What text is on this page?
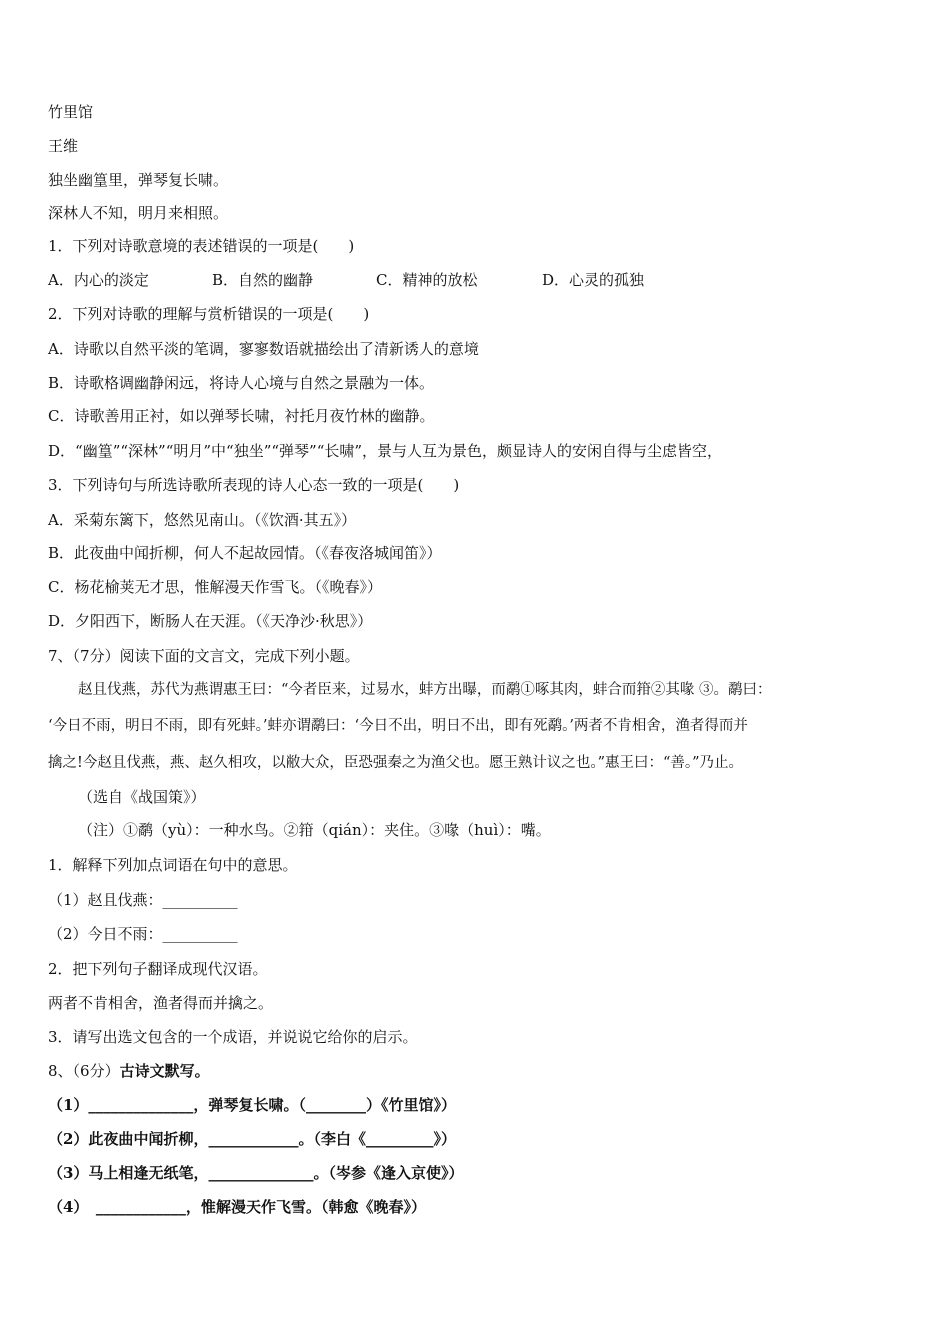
竹里馆
王维
独坐幽篁里，弹琴复长啸。
深林人不知，明月来相照。
1．下列对诗歌意境的表述错误的一项是(　　)
A．内心的淡定	B．自然的幽静	C．精神的放松	D．心灵的孤独
2．下列对诗歌的理解与赏析错误的一项是(　　)
A．诗歌以自然平淡的笔调，寥寥数语就描绘出了清新诱人的意境
B．诗歌格调幽静闲远，将诗人心境与自然之景融为一体。
C．诗歌善用正衬，如以弹琴长啸，衬托月夜竹林的幽静。
D．“幽篁”“深林”“明月”中“独坐”“弹琴”“长啸”，景与人互为景色，颇显诗人的安闲自得与尘虑皆空，
3．下列诗句与所选诗歌所表现的诗人心态一致的一项是(　　)
A．采菊东篱下，悠然见南山。（《饮酒·其五》）
B．此夜曲中闻折柳，何人不起故园情。（《春夜洛城闻笛》）
C．杨花榆荚无才思，惟解漫天作雪飞。（《晚春》）
D．夕阳西下，断肠人在天涯。（《天净沙·秋思》）
7、（7分）阅读下面的文言文，完成下列小题。
赵且伐燕，苏代为燕谓惠王曰：“今者臣来，过易水，蚌方出曝，而鹬①啄其肉，蚌合而箝②其喙 ③。鹬曰：
‘今日不雨，明日不雨，即有死蚌。’蚌亦谓鹬曰：‘今日不出，明日不出，即有死鹬。’两者不肯相舍，渔者得而并
擒之!今赵且伐燕，燕、赵久相攻，以敝大众，臣恐强秦之为渔父也。愿王熟计议之也。”惠王曰：“善。”乃止。
（选自《战国策》）
（注）①鹬（yù）：一种水鸟。②箝（qián）：夹住。③喙（huì）：嘴。
1．解释下列加点词语在句中的意思。
（1）赵且伐燕：__________
（2）今日不雨：__________
2．把下列句子翻译成现代汉语。
两者不肯相舍，渔者得而并擒之。
3．请写出选文包含的一个成语，并说说它给你的启示。
8、（6分）古诗文默写。
（1）______________，弹琴复长啸。（________）《竹里馆》）
（2）此夜曲中闻折柳，____________。（李白《_________》）
（3）马上相逢无纸笔，______________。（岑参《逢入京使》）
（4）　____________，惟解漫天作飞雪。（韩愈《晚春》）
